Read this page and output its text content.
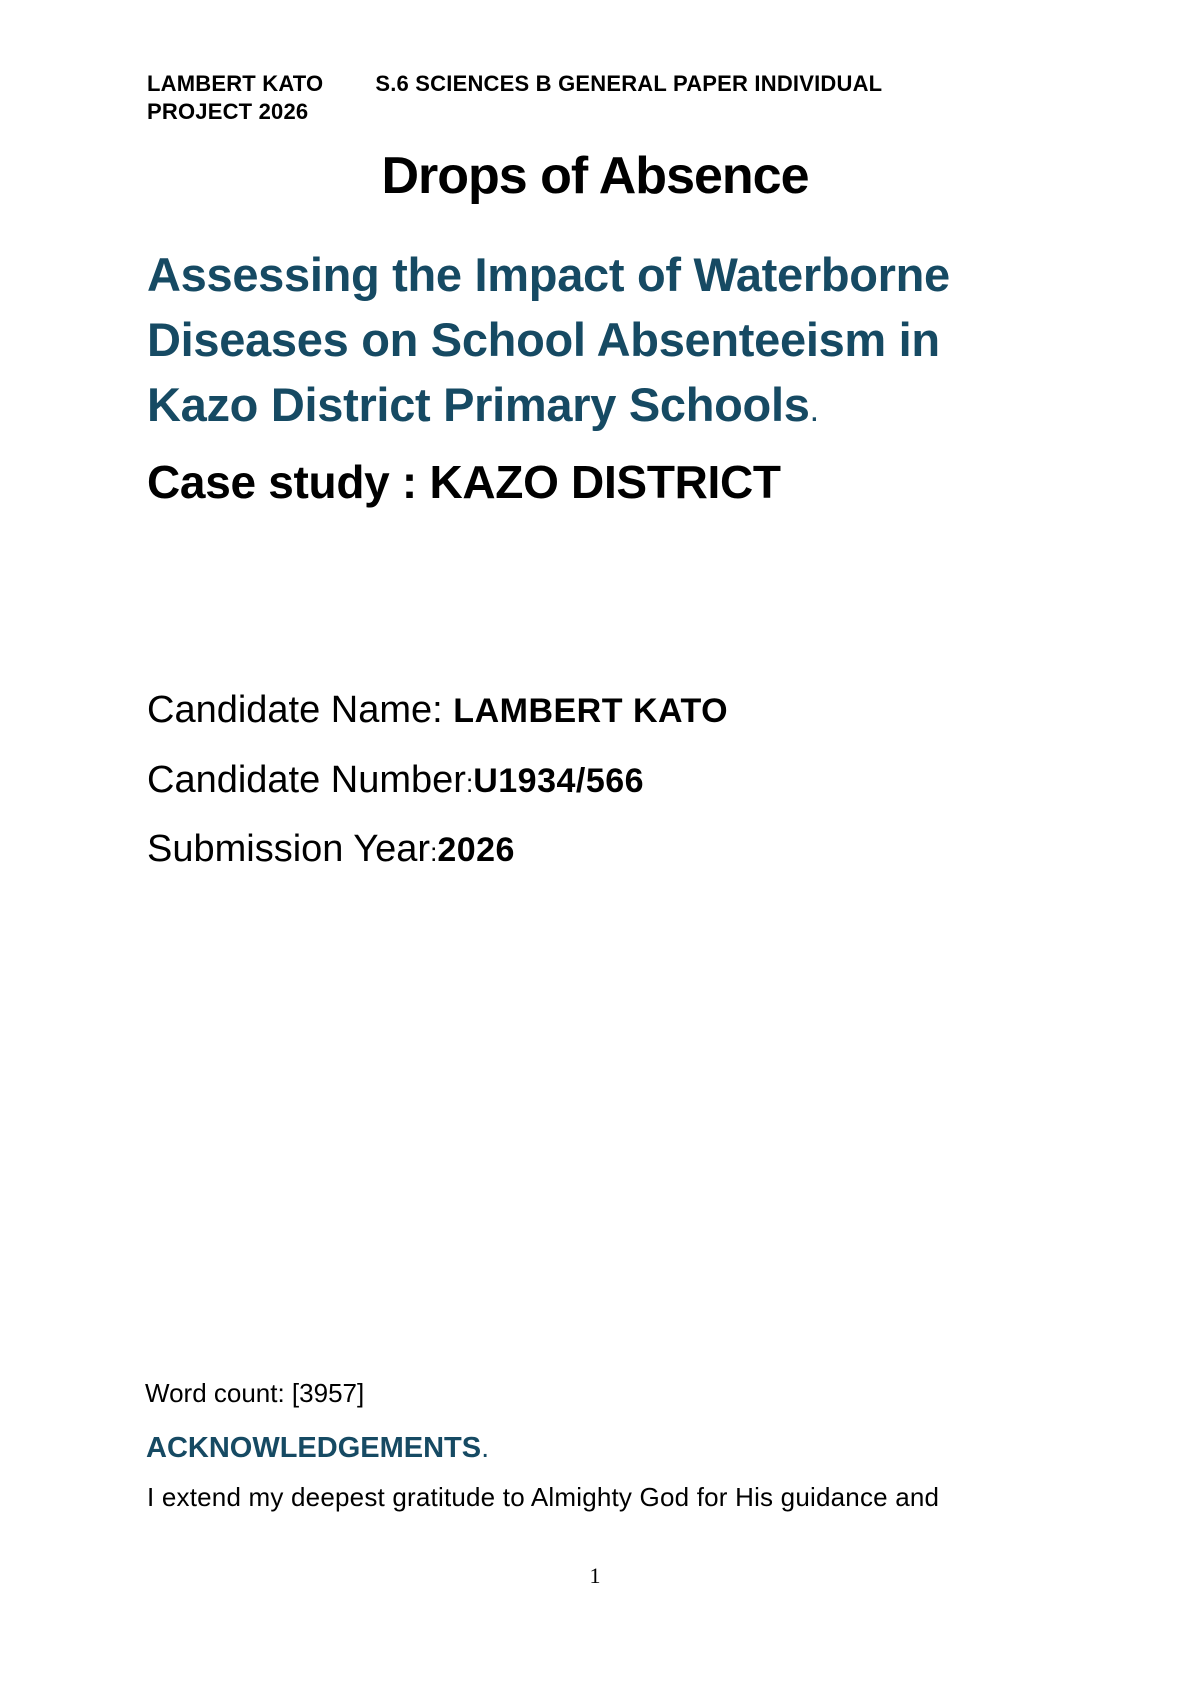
LAMBERT KATO S.6 SCIENCES B GENERAL PAPER INDIVIDUAL
PROJECT 2026
Drops of Absence
Assessing the Impact of Waterborne
Diseases on School Absenteeism in
Kazo District Primary Schools.
Case study : KAZO DISTRICT
Candidate Name: LAMBERT KATO
Candidate Number:U1934/566
Submission Year:2026
Word count: [3957]
ACKNOWLEDGEMENTS.
I extend my deepest gratitude to Almighty God for His guidance and
1
